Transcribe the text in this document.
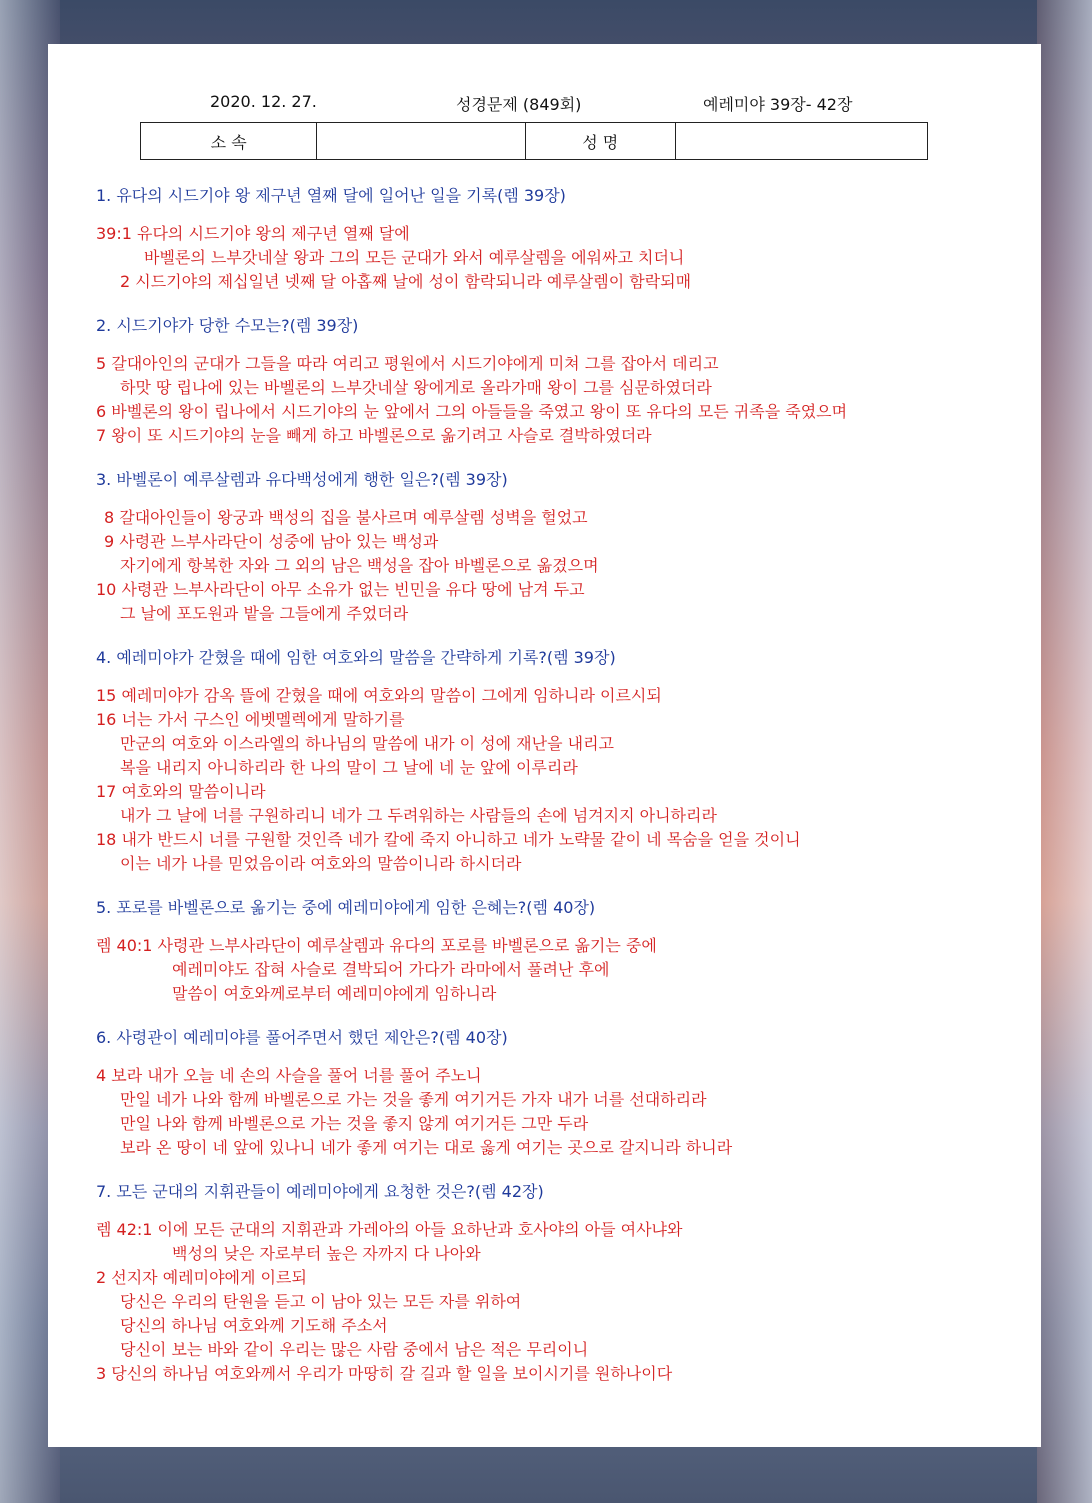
2020. 12. 27.	성경문제 (849회)	예레미야 39장- 42장
소 속		성 명	
1. 유다의 시드기야 왕 제구년 열째 달에 일어난 일을 기록(렘 39장)
39:1 유다의 시드기야 왕의 제구년 열째 달에
바벨론의 느부갓네살 왕과 그의 모든 군대가 와서 예루살렘을 에워싸고 치더니
2 시드기야의 제십일년 넷째 달 아홉째 날에 성이 함락되니라 예루살렘이 함락되매
2. 시드기야가 당한 수모는?(렘 39장)
5 갈대아인의 군대가 그들을 따라 여리고 평원에서 시드기야에게 미쳐 그를 잡아서 데리고
하맛 땅 립나에 있는 바벨론의 느부갓네살 왕에게로 올라가매 왕이 그를 심문하였더라
6 바벨론의 왕이 립나에서 시드기야의 눈 앞에서 그의 아들들을 죽였고 왕이 또 유다의 모든 귀족을 죽였으며
7 왕이 또 시드기야의 눈을 빼게 하고 바벨론으로 옮기려고 사슬로 결박하였더라
3. 바벨론이 예루살렘과 유다백성에게 행한 일은?(렘 39장)
8 갈대아인들이 왕궁과 백성의 집을 불사르며 예루살렘 성벽을 헐었고
9 사령관 느부사라단이 성중에 남아 있는 백성과
자기에게 항복한 자와 그 외의 남은 백성을 잡아 바벨론으로 옮겼으며
10 사령관 느부사라단이 아무 소유가 없는 빈민을 유다 땅에 남겨 두고
그 날에 포도원과 밭을 그들에게 주었더라
4. 예레미야가 갇혔을 때에 임한 여호와의 말씀을 간략하게 기록?(렘 39장)
15 예레미야가 감옥 뜰에 갇혔을 때에 여호와의 말씀이 그에게 임하니라 이르시되
16 너는 가서 구스인 에벳멜렉에게 말하기를
만군의 여호와 이스라엘의 하나님의 말씀에 내가 이 성에 재난을 내리고
복을 내리지 아니하리라 한 나의 말이 그 날에 네 눈 앞에 이루리라
17 여호와의 말씀이니라
내가 그 날에 너를 구원하리니 네가 그 두려워하는 사람들의 손에 넘겨지지 아니하리라
18 내가 반드시 너를 구원할 것인즉 네가 칼에 죽지 아니하고 네가 노략물 같이 네 목숨을 얻을 것이니
이는 네가 나를 믿었음이라 여호와의 말씀이니라 하시더라
5. 포로를 바벨론으로 옮기는 중에 예레미야에게 임한 은혜는?(렘 40장)
렘 40:1 사령관 느부사라단이 예루살렘과 유다의 포로를 바벨론으로 옮기는 중에
예레미야도 잡혀 사슬로 결박되어 가다가 라마에서 풀려난 후에
말씀이 여호와께로부터 예레미야에게 임하니라
6. 사령관이 예레미야를 풀어주면서 했던 제안은?(렘 40장)
4 보라 내가 오늘 네 손의 사슬을 풀어 너를 풀어 주노니
만일 네가 나와 함께 바벨론으로 가는 것을 좋게 여기거든 가자 내가 너를 선대하리라
만일 나와 함께 바벨론으로 가는 것을 좋지 않게 여기거든 그만 두라
보라 온 땅이 네 앞에 있나니 네가 좋게 여기는 대로 옳게 여기는 곳으로 갈지니라 하니라
7. 모든 군대의 지휘관들이 예레미야에게 요청한 것은?(렘 42장)
렘 42:1 이에 모든 군대의 지휘관과 가레아의 아들 요하난과 호사야의 아들 여사냐와
백성의 낮은 자로부터 높은 자까지 다 나아와
2 선지자 예레미야에게 이르되
당신은 우리의 탄원을 듣고 이 남아 있는 모든 자를 위하여
당신의 하나님 여호와께 기도해 주소서
당신이 보는 바와 같이 우리는 많은 사람 중에서 남은 적은 무리이니
3 당신의 하나님 여호와께서 우리가 마땅히 갈 길과 할 일을 보이시기를 원하나이다
